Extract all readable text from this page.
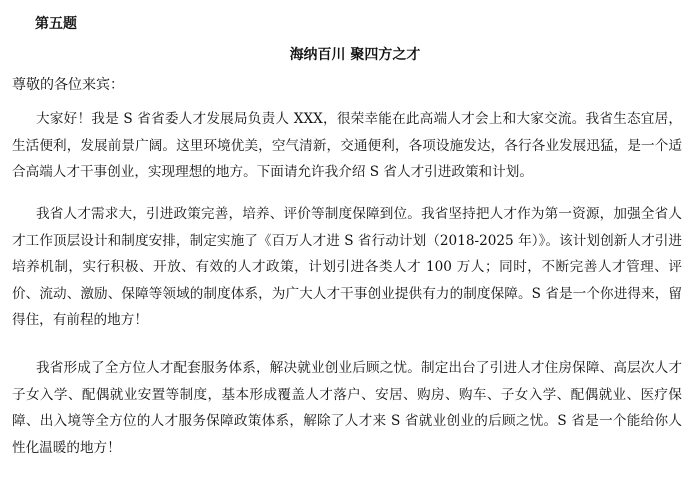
第五题
海纳百川 聚四方之才

尊敬的各位来宾：

大家好！我是 S 省省委人才发展局负责人 XXX，很荣幸能在此高端人才会上和大家交流。我省生态宜居，生活便利，发展前景广阔。这里环境优美，空气清新，交通便利，各项设施发达，各行各业发展迅猛，是一个适合高端人才干事创业，实现理想的地方。下面请允许我介绍 S 省人才引进政策和计划。

我省人才需求大，引进政策完善，培养、评价等制度保障到位。我省坚持把人才作为第一资源，加强全省人才工作顶层设计和制度安排，制定实施了《百万人才进 S 省行动计划（2018-2025 年）》。该计划创新人才引进培养机制，实行积极、开放、有效的人才政策，计划引进各类人才 100 万人；同时，不断完善人才管理、评价、流动、激励、保障等领域的制度体系，为广大人才干事创业提供有力的制度保障。S 省是一个你进得来，留得住，有前程的地方！

我省形成了全方位人才配套服务体系，解决就业创业后顾之忧。制定出台了引进人才住房保障、高层次人才子女入学、配偶就业安置等制度，基本形成覆盖人才落户、安居、购房、购车、子女入学、配偶就业、医疗保障、出入境等全方位的人才服务保障政策体系，解除了人才来 S 省就业创业的后顾之忧。S 省是一个能给你人性化温暖的地方！
